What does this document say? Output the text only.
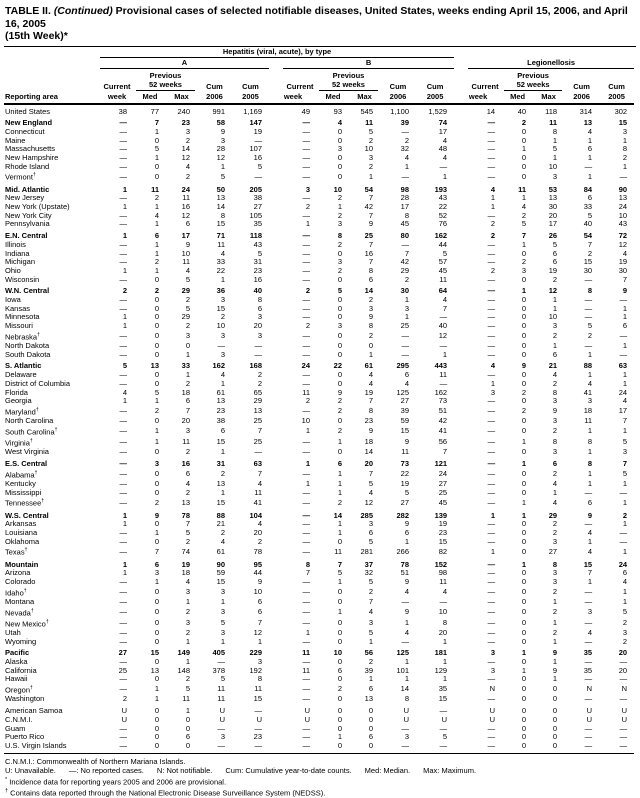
TABLE II. (Continued) Provisional cases of selected notifiable diseases, United States, weeks ending April 15, 2006, and April 16, 2005
(15th Week)*

	Hepatitis (viral, acute), by type														

	A					B					Legionellosis				

		Previous					Previous					Previous			
	Current	52 weeks		Cum	Cum	Current	52 weeks		Cum	Cum	Current	52 weeks		Cum	Cum
Reporting area	week	Med	Max	2006	2005	week	Med	Max	2006	2005	week	Med	Max	2006	2005
United States	38	77	240	991	1,169	49	93	545	1,100	1,529	14	40	118	314	302
New England	—	7	23	58	147	—	4	11	39	74	—	2	11	13	15
Connecticut	—	1	3	9	19	—	0	5	—	17	—	0	8	4	3
Maine	—	0	2	3	—	—	0	2	2	4	—	0	1	1	1
Massachusetts	—	5	14	28	107	—	3	10	32	48	—	1	5	6	8
New Hampshire	—	1	12	12	16	—	0	3	4	4	—	0	1	1	2
Rhode Island	—	0	4	1	5	—	0	2	1	—	—	0	10	—	1
Vermont†	—	0	2	5	—	—	0	1	—	1	—	0	3	1	—
Mid. Atlantic	1	11	24	50	205	3	10	54	98	193	4	11	53	84	90
New Jersey	—	2	11	13	38	—	2	7	28	43	1	1	13	6	13
New York (Upstate)	1	1	16	14	27	2	1	42	17	22	1	4	30	33	24
New York City	—	4	12	8	105	—	2	7	8	52	—	2	20	5	10
Pennsylvania	—	1	6	15	35	1	3	9	45	76	2	5	17	40	43
E.N. Central	1	6	17	71	118	—	8	25	80	162	2	7	26	54	72
Illinois	—	1	9	11	43	—	2	7	—	44	—	1	5	7	12
Indiana	—	1	10	4	5	—	0	16	7	5	—	0	6	2	4
Michigan	—	2	11	33	31	—	3	7	42	57	—	2	6	15	19
Ohio	1	1	4	22	23	—	2	8	29	45	2	3	19	30	30
Wisconsin	—	0	5	1	16	—	0	6	2	11	—	0	2	—	7
W.N. Central	2	2	29	36	40	2	5	14	30	64	—	1	12	8	9
Iowa	—	0	2	3	8	—	0	2	1	4	—	0	1	—	—
Kansas	—	0	5	15	6	—	0	3	3	7	—	0	1	—	1
Minnesota	1	0	29	2	3	—	0	9	1	—	—	0	10	—	1
Missouri	1	0	2	10	20	2	3	8	25	40	—	0	3	5	6
Nebraska†	—	0	3	3	3	—	0	2	—	12	—	0	2	2	—
North Dakota	—	0	0	—	—	—	0	0	—	—	—	0	1	—	1
South Dakota	—	0	1	3	—	—	0	1	—	1	—	0	6	1	—
S. Atlantic	5	13	33	162	168	24	22	61	295	443	4	9	21	88	63
Delaware	—	0	1	4	2	—	0	4	6	11	—	0	4	1	1
District of Columbia	—	0	2	1	2	—	0	4	4	—	1	0	2	4	1
Florida	4	5	18	61	65	11	9	19	125	162	3	2	8	41	24
Georgia	1	1	6	13	29	2	2	7	27	73	—	0	3	3	4
Maryland†	—	2	7	23	13	—	2	8	39	51	—	2	9	18	17
North Carolina	—	0	20	38	25	10	0	23	59	42	—	0	3	11	7
South Carolina†	—	1	3	6	7	1	2	9	15	41	—	0	2	1	1
Virginia†	—	1	11	15	25	—	1	18	9	56	—	1	8	8	5
West Virginia	—	0	2	1	—	—	0	14	11	7	—	0	3	1	3
E.S. Central	—	3	16	31	63	1	6	20	73	121	—	1	6	8	7
Alabama†	—	0	6	2	7	—	1	7	22	24	—	0	2	1	5
Kentucky	—	0	4	13	4	1	1	5	19	27	—	0	4	1	1
Mississippi	—	0	2	1	11	—	1	4	5	25	—	0	1	—	—
Tennessee†	—	2	13	15	41	—	2	12	27	45	—	1	4	6	1
W.S. Central	1	9	78	88	104	—	14	285	282	139	1	1	29	9	2
Arkansas	1	0	7	21	4	—	1	3	9	19	—	0	2	—	1
Louisiana	—	1	5	2	20	—	1	6	6	23	—	0	2	4	—
Oklahoma	—	0	2	4	2	—	0	5	1	15	—	0	3	1	—
Texas†	—	7	74	61	78	—	11	281	266	82	1	0	27	4	1
Mountain	1	6	19	90	95	8	7	37	78	152	—	1	8	15	24
Arizona	1	3	18	59	44	7	5	32	51	98	—	0	3	7	6
Colorado	—	1	4	15	9	—	1	5	9	11	—	0	3	1	4
Idaho†	—	0	3	3	10	—	0	2	4	4	—	0	2	—	1
Montana	—	0	1	1	6	—	0	7	—	—	—	0	1	—	1
Nevada†	—	0	2	3	6	—	1	4	9	10	—	0	2	3	5
New Mexico†	—	0	3	5	7	—	0	3	1	8	—	0	1	—	2
Utah	—	0	2	3	12	1	0	5	4	20	—	0	2	4	3
Wyoming	—	0	1	1	1	—	0	1	—	1	—	0	1	—	2
Pacific	27	15	149	405	229	11	10	56	125	181	3	1	9	35	20
Alaska	—	0	1	—	3	—	0	2	1	1	—	0	1	—	—
California	25	13	148	378	192	11	6	39	101	129	3	1	9	35	20
Hawaii	—	0	2	5	8	—	0	1	1	1	—	0	1	—	—
Oregon†	—	1	5	11	11	—	2	6	14	35	N	0	0	N	N
Washington	2	1	11	11	15	—	0	13	8	15	—	0	0	—	—
American Samoa	U	0	1	U	—	U	0	0	U	—	U	0	0	U	U
C.N.M.I.	U	0	0	U	U	U	0	0	U	U	U	0	0	U	U
Guam	—	0	0	—	—	—	0	0	—	—	—	0	0	—	—
Puerto Rico	—	0	6	3	23	—	1	6	3	5	—	0	0	—	—
U.S. Virgin Islands	—	0	0	—	—	—	0	0	—	—	—	0	0	—	—
C.N.M.I.: Commonwealth of Northern Mariana Islands.
U: Unavailable. —: No reported cases. N: Not notifiable. Cum: Cumulative year-to-date counts. Med: Median. Max: Maximum.
* Incidence data for reporting years 2005 and 2006 are provisional.
† Contains data reported through the National Electronic Disease Surveillance System (NEDSS).
